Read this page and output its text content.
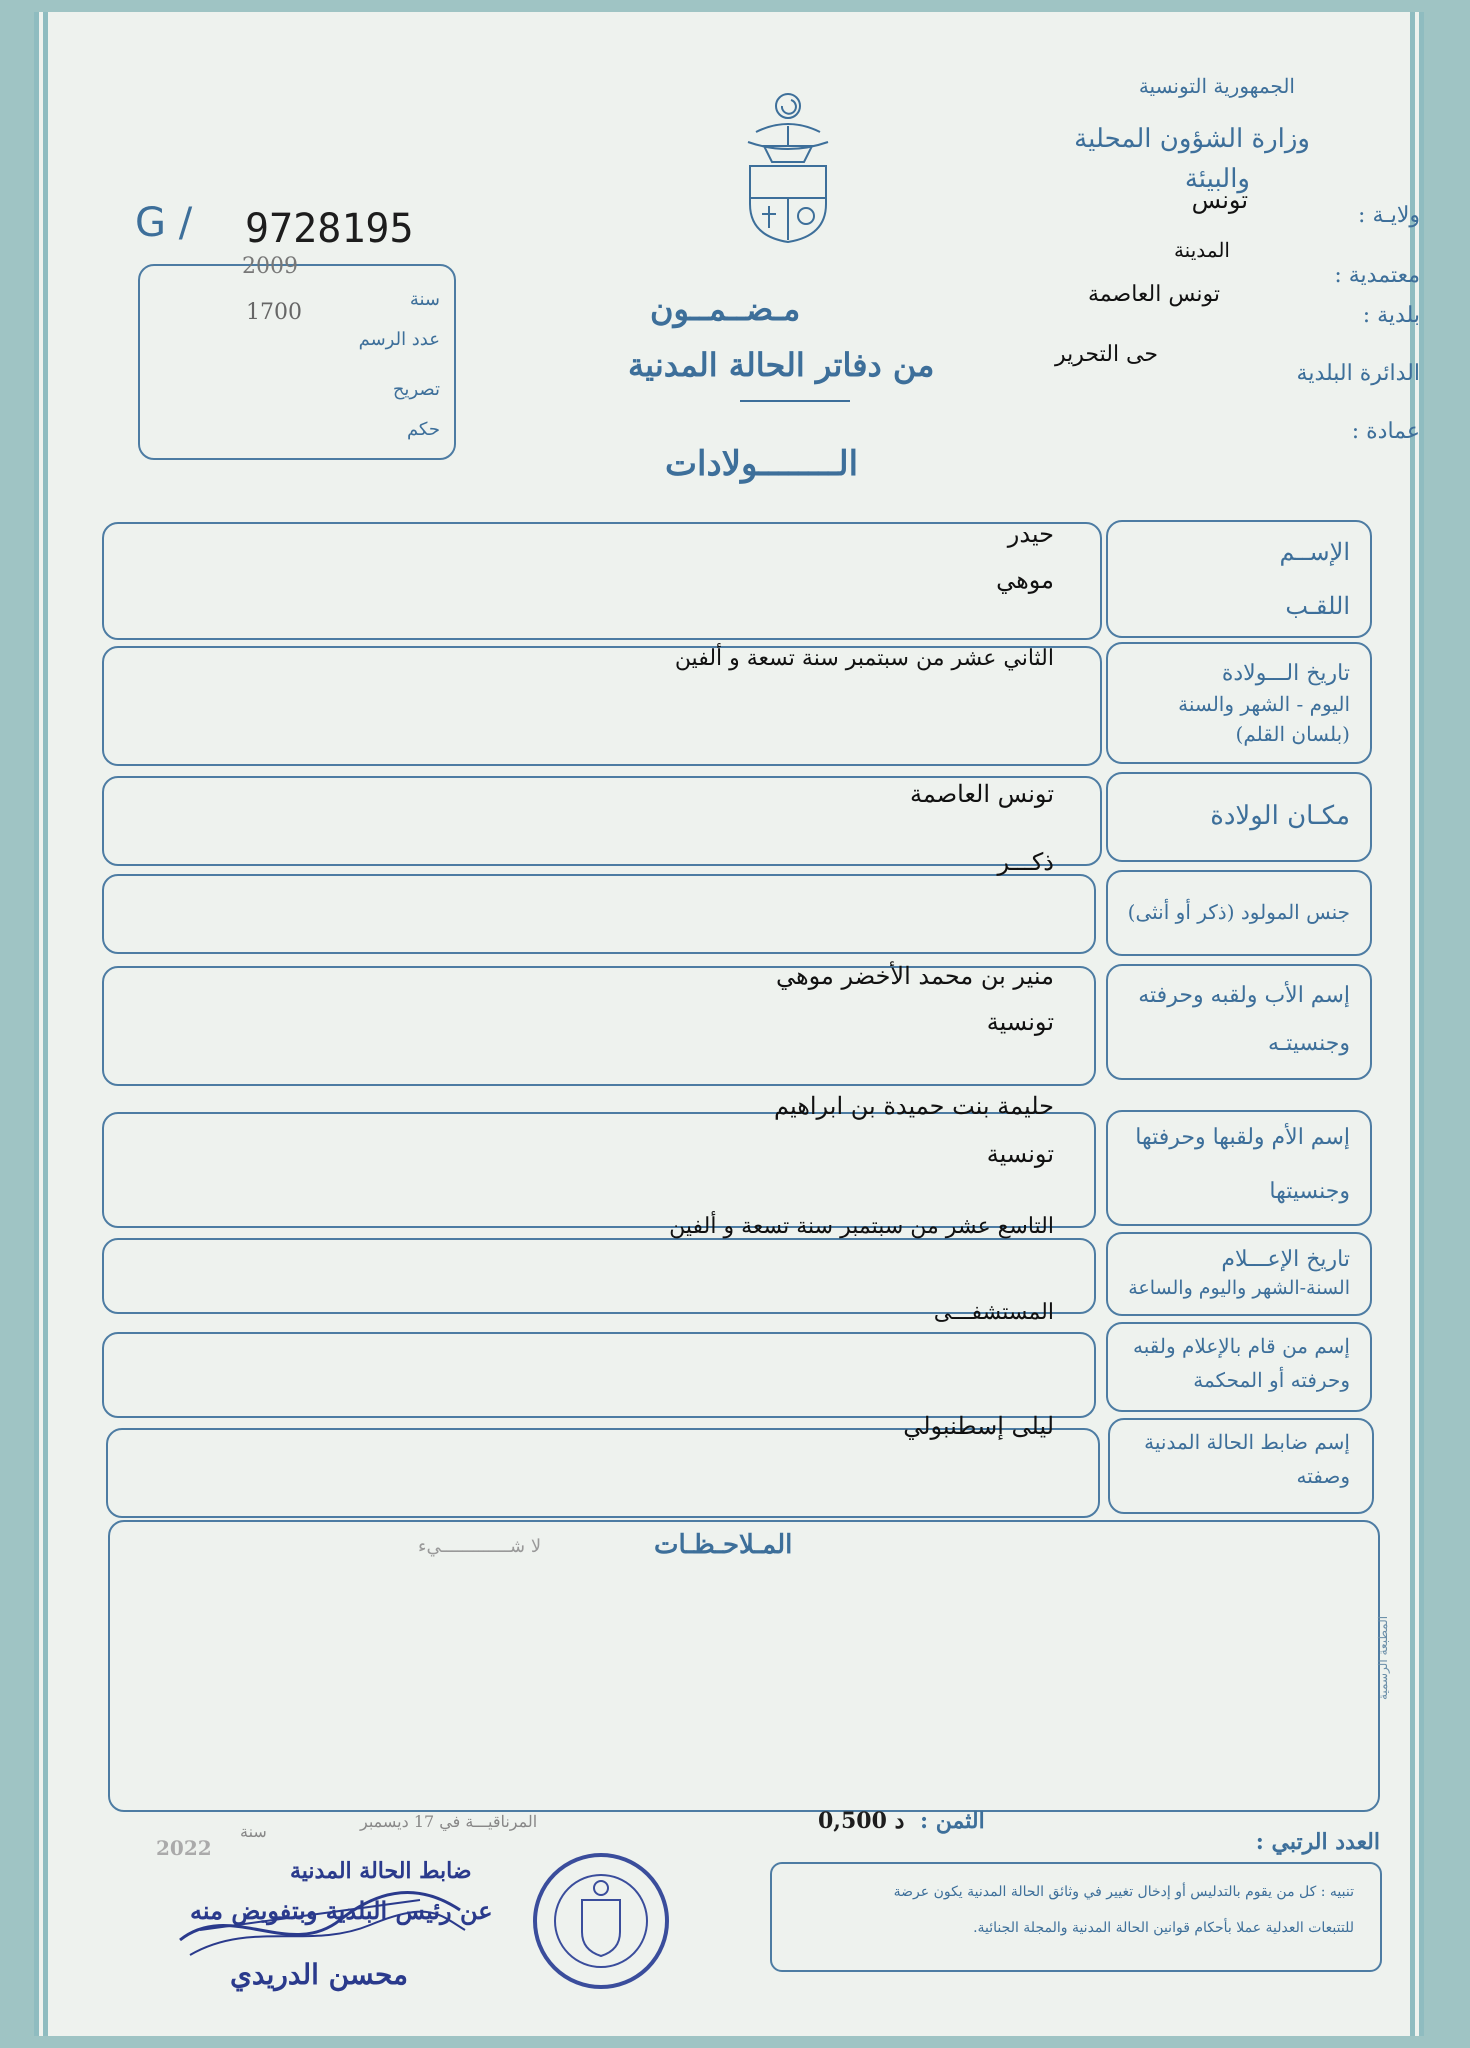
الجمهورية التونسية
وزارة الشؤون المحلية
والبيئة
G / 9728195
سنة
2009
عدد الرسم
1700
تصريح
حكم
ولايـة :
تونس
معتمدية :
المدينة
بلدية :
تونس العاصمة
الدائرة البلدية
حى التحرير
عمادة :
مـضــمــون
من دفاتر الحالة المدنية
الــــــــولادات
الإســم
اللقـب
حيدر
موهي
تاريخ الـــولادة
اليوم - الشهر والسنة
(بلسان القلم)
الثاني عشر من سبتمبر سنة تسعة و ألفين
مكـان الولادة
تونس العاصمة
جنس المولود (ذكر أو أنثى)
ذكـــر
إسم الأب ولقبه وحرفته
وجنسيتـه
منير بن محمد الأخضر موهي
تونسية
إسم الأم ولقبها وحرفتها
وجنسيتها
حليمة بنت حميدة بن ابراهيم
تونسية
تاريخ الإعـــلام
السنة-الشهر واليوم والساعة
التاسع عشر من سبتمبر سنة تسعة و ألفين
إسم من قام بالإعلام ولقبه
وحرفته أو المحكمة
المستشفـــى
إسم ضابط الحالة المدنية
وصفته
ليلى إسطنبولي
المـلاحـظـات
لا شـــــــــــــيء
المطبعة الرسمية
العدد الرتبي :
الثمن :
0,500 د
المرناقيـــة في 17 ديسمبر
سنة
2022
تنبيه : كل من يقوم بالتدليس أو إدخال تغيير في وثائق الحالة المدنية يكون عرضة
للتتبعات العدلية عملا بأحكام قوانين الحالة المدنية والمجلة الجنائية.
ضابط الحالة المدنية
عن رئيس البلدية وبتفويض منه
محسن الدريدي
